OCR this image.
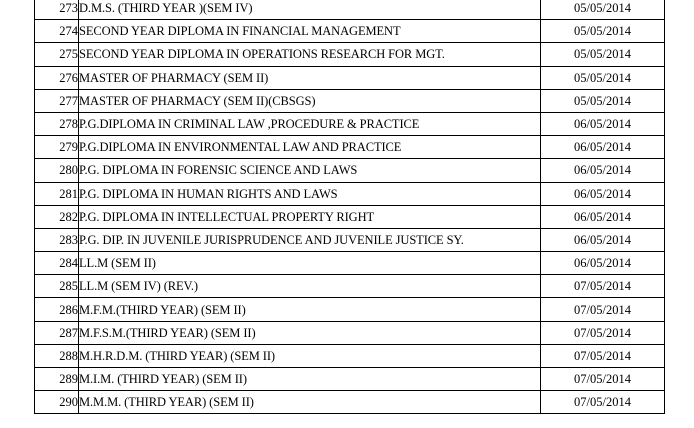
273	D.M.S. (THIRD YEAR )(SEM IV)	05/05/2014
274	SECOND YEAR DIPLOMA IN FINANCIAL MANAGEMENT	05/05/2014
275	SECOND YEAR DIPLOMA IN OPERATIONS RESEARCH FOR MGT.	05/05/2014
276	MASTER OF PHARMACY (SEM II)	05/05/2014
277	MASTER OF PHARMACY (SEM II)(CBSGS)	05/05/2014
278	P.G.DIPLOMA IN CRIMINAL LAW ,PROCEDURE & PRACTICE	06/05/2014
279	P.G.DIPLOMA IN ENVIRONMENTAL LAW AND PRACTICE	06/05/2014
280	P.G. DIPLOMA IN FORENSIC SCIENCE AND LAWS	06/05/2014
281	P.G. DIPLOMA IN HUMAN RIGHTS AND LAWS	06/05/2014
282	P.G. DIPLOMA IN INTELLECTUAL PROPERTY RIGHT	06/05/2014
283	P.G. DIP. IN JUVENILE JURISPRUDENCE AND JUVENILE JUSTICE SY.	06/05/2014
284	LL.M (SEM II)	06/05/2014
285	LL.M (SEM IV) (REV.)	07/05/2014
286	M.F.M.(THIRD YEAR) (SEM II)	07/05/2014
287	M.F.S.M.(THIRD YEAR) (SEM II)	07/05/2014
288	M.H.R.D.M. (THIRD YEAR) (SEM II)	07/05/2014
289	M.I.M. (THIRD YEAR) (SEM II)	07/05/2014
290	M.M.M. (THIRD YEAR) (SEM II)	07/05/2014
